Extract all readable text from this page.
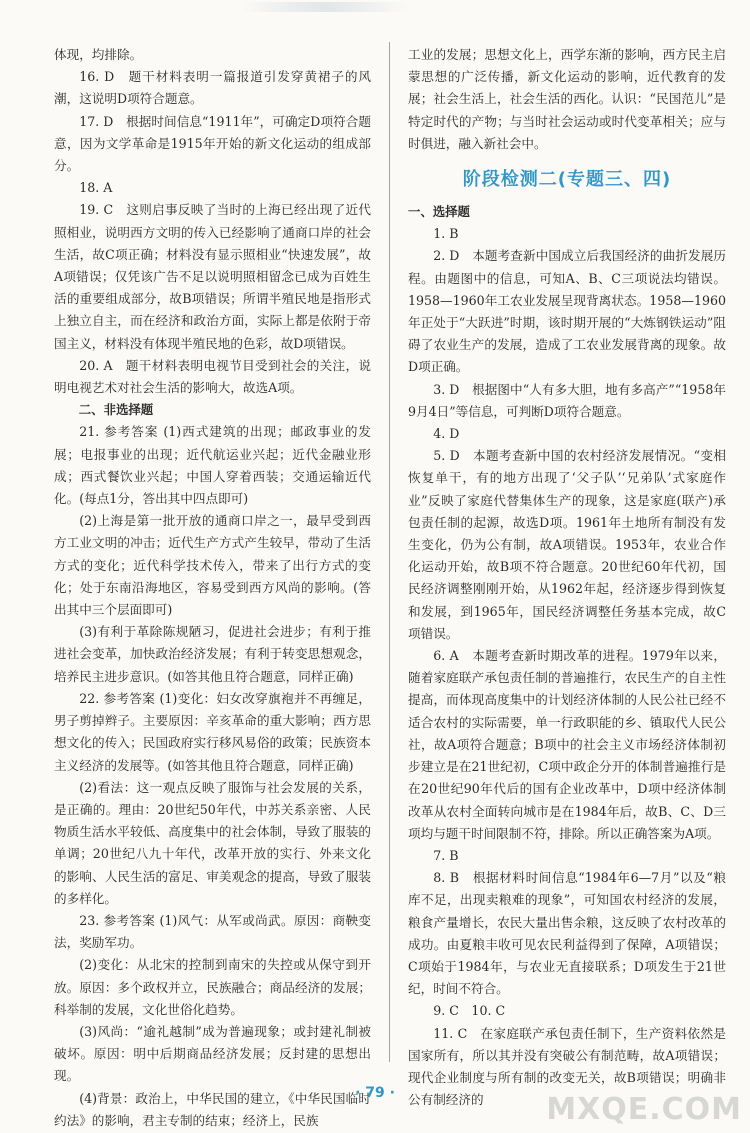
体现，均排除。

16. D　题干材料表明一篇报道引发穿黄裙子的风潮，这说明D项符合题意。

17. D　根据时间信息“1911年”，可确定D项符合题意，因为文学革命是1915年开始的新文化运动的组成部分。

18. A

19. C　这则启事反映了当时的上海已经出现了近代照相业，说明西方文明的传入已经影响了通商口岸的社会生活，故C项正确；材料没有显示照相业“快速发展”，故A项错误；仅凭该广告不足以说明照相留念已成为百姓生活的重要组成部分，故B项错误；所谓半殖民地是指形式上独立自主，而在经济和政治方面，实际上都是依附于帝国主义，材料没有体现半殖民地的色彩，故D项错误。

20. A　题干材料表明电视节目受到社会的关注，说明电视艺术对社会生活的影响大，故选A项。

二、非选择题

21. 参考答案 (1)西式建筑的出现；邮政事业的发展；电报事业的出现；近代航运业兴起；近代金融业形成；西式餐饮业兴起；中国人穿着西装；交通运输近代化。(每点1分，答出其中四点即可)

(2)上海是第一批开放的通商口岸之一，最早受到西方工业文明的冲击；近代生产方式产生较早，带动了生活方式的变化；近代科学技术传入，带来了出行方式的变化；处于东南沿海地区，容易受到西方风尚的影响。(答出其中三个层面即可)

(3)有利于革除陈规陋习，促进社会进步；有利于推进社会变革，加快政治经济发展；有利于转变思想观念，培养民主进步意识。(如答其他且符合题意，同样正确)

22. 参考答案 (1)变化：妇女改穿旗袍并不再缠足，男子剪掉辫子。主要原因：辛亥革命的重大影响；西方思想文化的传入；民国政府实行移风易俗的政策；民族资本主义经济的发展等。(如答其他且符合题意，同样正确)

(2)看法：这一观点反映了服饰与社会发展的关系，是正确的。理由：20世纪50年代，中苏关系亲密、人民物质生活水平较低、高度集中的社会体制，导致了服装的单调；20世纪八九十年代，改革开放的实行、外来文化的影响、人民生活的富足、审美观念的提高，导致了服装的多样化。

23. 参考答案 (1)风气：从军或尚武。原因：商鞅变法，奖励军功。

(2)变化：从北宋的控制到南宋的失控或从保守到开放。原因：多个政权并立，民族融合；商品经济的发展；科举制的发展，文化世俗化趋势。

(3)风尚：“逾礼越制”成为普遍现象；或封建礼制被破坏。原因：明中后期商品经济发展；反封建的思想出现。

(4)背景：政治上，中华民国的建立，《中华民国临时约法》的影响，君主专制的结束；经济上，民族

工业的发展；思想文化上，西学东渐的影响，西方民主启蒙思想的广泛传播，新文化运动的影响，近代教育的发展；社会生活上，社会生活的西化。认识：“民国范儿”是特定时代的产物；与当时社会运动或时代变革相关；应与时俱进，融入新社会中。

阶段检测二(专题三、四)

一、选择题

1. B

2. D　本题考查新中国成立后我国经济的曲折发展历程。由题图中的信息，可知A、B、C三项说法均错误。1958—1960年工农业发展呈现背离状态。1958—1960年正处于“大跃进”时期，该时期开展的“大炼钢铁运动”阻碍了农业生产的发展，造成了工农业发展背离的现象。故D项正确。

3. D　根据图中“人有多大胆，地有多高产”“1958年9月4日”等信息，可判断D项符合题意。

4. D

5. D　本题考查新中国的农村经济发展情况。“变相恢复单干，有的地方出现了‘父子队’‘兄弟队’式家庭作业”反映了家庭代替集体生产的现象，这是家庭(联产)承包责任制的起源，故选D项。1961年土地所有制没有发生变化，仍为公有制，故A项错误。1953年，农业合作化运动开始，故B项不符合题意。20世纪60年代初，国民经济调整刚刚开始，从1962年起，经济逐步得到恢复和发展，到1965年，国民经济调整任务基本完成，故C项错误。

6. A　本题考查新时期改革的进程。1979年以来，随着家庭联产承包责任制的普遍推行，农民生产的自主性提高，而体现高度集中的计划经济体制的人民公社已经不适合农村的实际需要，单一行政职能的乡、镇取代人民公社，故A项符合题意；B项中的社会主义市场经济体制初步建立是在21世纪初，C项中政企分开的体制普遍推行是在20世纪90年代后的国有企业改革中，D项中经济体制改革从农村全面转向城市是在1984年后，故B、C、D三项均与题干时间限制不符，排除。所以正确答案为A项。

7. B

8. B　根据材料时间信息“1984年6—7月”以及“粮库不足，出现卖粮难的现象”，可知国农村经济的发展，粮食产量增长，农民大量出售余粮，这反映了农村改革的成功。由夏粮丰收可见农民利益得到了保障，A项错误；C项始于1984年，与农业无直接联系；D项发生于21世纪，时间不符合。

9. C　10. C

11. C　在家庭联产承包责任制下，生产资料依然是国家所有，所以其并没有突破公有制范畴，故A项错误；现代企业制度与所有制的改变无关，故B项错误；明确非公有制经济的

· 79 ·	MXQE.COM
